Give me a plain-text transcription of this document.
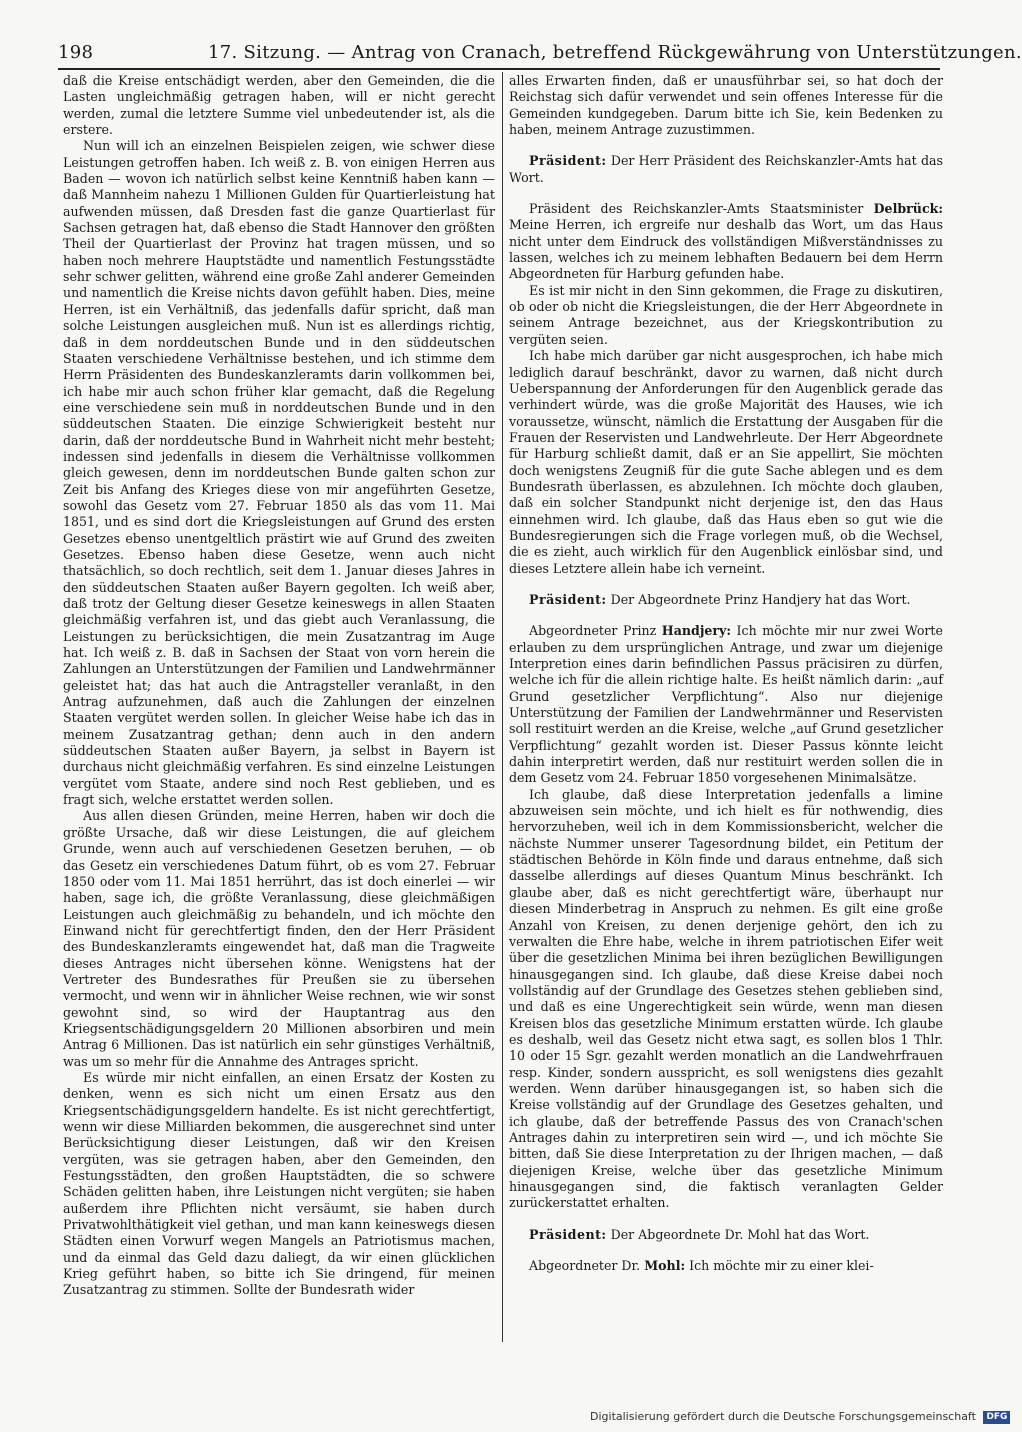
198	17. Sitzung. — Antrag von Cranach, betreffend Rückgewährung von Unterstützungen.

daß die Kreise entschädigt werden, aber den Gemeinden, die die Lasten ungleichmäßig getragen haben, will er nicht gerecht werden, zumal die letztere Summe viel unbedeutender ist, als die erstere.

Nun will ich an einzelnen Beispielen zeigen, wie schwer diese Leistungen getroffen haben. Ich weiß z. B. von einigen Herren aus Baden — wovon ich natürlich selbst keine Kenntniß haben kann — daß Mannheim nahezu 1 Millionen Gulden für Quartierleistung hat aufwenden müssen, daß Dresden fast die ganze Quartierlast für Sachsen getragen hat, daß ebenso die Stadt Hannover den größten Theil der Quartierlast der Provinz hat tragen müssen, und so haben noch mehrere Hauptstädte und namentlich Festungsstädte sehr schwer gelitten, während eine große Zahl anderer Gemeinden und namentlich die Kreise nichts davon gefühlt haben. Dies, meine Herren, ist ein Verhältniß, das jedenfalls dafür spricht, daß man solche Leistungen ausgleichen muß. Nun ist es allerdings richtig, daß in dem norddeutschen Bunde und in den süddeutschen Staaten verschiedene Verhältnisse bestehen, und ich stimme dem Herrn Präsidenten des Bundeskanzleramts darin vollkommen bei, ich habe mir auch schon früher klar gemacht, daß die Regelung eine verschiedene sein muß in norddeutschen Bunde und in den süddeutschen Staaten. Die einzige Schwierigkeit besteht nur darin, daß der norddeutsche Bund in Wahrheit nicht mehr besteht; indessen sind jedenfalls in diesem die Verhältnisse vollkommen gleich gewesen, denn im norddeutschen Bunde galten schon zur Zeit bis Anfang des Krieges diese von mir angeführten Gesetze, sowohl das Gesetz vom 27. Februar 1850 als das vom 11. Mai 1851, und es sind dort die Kriegsleistungen auf Grund des ersten Gesetzes ebenso unentgeltlich prästirt wie auf Grund des zweiten Gesetzes. Ebenso haben diese Gesetze, wenn auch nicht thatsächlich, so doch rechtlich, seit dem 1. Januar dieses Jahres in den süddeutschen Staaten außer Bayern gegolten. Ich weiß aber, daß trotz der Geltung dieser Gesetze keineswegs in allen Staaten gleichmäßig verfahren ist, und das giebt auch Veranlassung, die Leistungen zu berücksichtigen, die mein Zusatzantrag im Auge hat. Ich weiß z. B. daß in Sachsen der Staat von vorn herein die Zahlungen an Unterstützungen der Familien und Landwehrmänner geleistet hat; das hat auch die Antragsteller veranlaßt, in den Antrag aufzunehmen, daß auch die Zahlungen der einzelnen Staaten vergütet werden sollen. In gleicher Weise habe ich das in meinem Zusatzantrag gethan; denn auch in den andern süddeutschen Staaten außer Bayern, ja selbst in Bayern ist durchaus nicht gleichmäßig verfahren. Es sind einzelne Leistungen vergütet vom Staate, andere sind noch Rest geblieben, und es fragt sich, welche erstattet werden sollen.

Aus allen diesen Gründen, meine Herren, haben wir doch die größte Ursache, daß wir diese Leistungen, die auf gleichem Grunde, wenn auch auf verschiedenen Gesetzen beruhen, — ob das Gesetz ein verschiedenes Datum führt, ob es vom 27. Februar 1850 oder vom 11. Mai 1851 herrührt, das ist doch einerlei — wir haben, sage ich, die größte Veranlassung, diese gleichmäßigen Leistungen auch gleichmäßig zu behandeln, und ich möchte den Einwand nicht für gerechtfertigt finden, den der Herr Präsident des Bundeskanzleramts eingewendet hat, daß man die Tragweite dieses Antrages nicht übersehen könne. Wenigstens hat der Vertreter des Bundesrathes für Preußen sie zu übersehen vermocht, und wenn wir in ähnlicher Weise rechnen, wie wir sonst gewohnt sind, so wird der Hauptantrag aus den Kriegsentschädigungsgeldern 20 Millionen absorbiren und mein Antrag 6 Millionen. Das ist natürlich ein sehr günstiges Verhältniß, was um so mehr für die Annahme des Antrages spricht.

Es würde mir nicht einfallen, an einen Ersatz der Kosten zu denken, wenn es sich nicht um einen Ersatz aus den Kriegsentschädigungsgeldern handelte. Es ist nicht gerechtfertigt, wenn wir diese Milliarden bekommen, die ausgerechnet sind unter Berücksichtigung dieser Leistungen, daß wir den Kreisen vergüten, was sie getragen haben, aber den Gemeinden, den Festungsstädten, den großen Hauptstädten, die so schwere Schäden gelitten haben, ihre Leistungen nicht vergüten; sie haben außerdem ihre Pflichten nicht versäumt, sie haben durch Privatwohlthätigkeit viel gethan, und man kann keineswegs diesen Städten einen Vorwurf wegen Mangels an Patriotismus machen, und da einmal das Geld dazu daliegt, da wir einen glücklichen Krieg geführt haben, so bitte ich Sie dringend, für meinen Zusatzantrag zu stimmen. Sollte der Bundesrath wider

alles Erwarten finden, daß er unausführbar sei, so hat doch der Reichstag sich dafür verwendet und sein offenes Interesse für die Gemeinden kundgegeben. Darum bitte ich Sie, kein Bedenken zu haben, meinem Antrage zuzustimmen.

Präsident: Der Herr Präsident des Reichskanzler-Amts hat das Wort.

Präsident des Reichskanzler-Amts Staatsminister Delbrück: Meine Herren, ich ergreife nur deshalb das Wort, um das Haus nicht unter dem Eindruck des vollständigen Mißverständnisses zu lassen, welches ich zu meinem lebhaften Bedauern bei dem Herrn Abgeordneten für Harburg gefunden habe.

Es ist mir nicht in den Sinn gekommen, die Frage zu diskutiren, ob oder ob nicht die Kriegsleistungen, die der Herr Abgeordnete in seinem Antrage bezeichnet, aus der Kriegskontribution zu vergüten seien.

Ich habe mich darüber gar nicht ausgesprochen, ich habe mich lediglich darauf beschränkt, davor zu warnen, daß nicht durch Ueberspannung der Anforderungen für den Augenblick gerade das verhindert würde, was die große Majorität des Hauses, wie ich voraussetze, wünscht, nämlich die Erstattung der Ausgaben für die Frauen der Reservisten und Landwehrleute. Der Herr Abgeordnete für Harburg schließt damit, daß er an Sie appellirt, Sie möchten doch wenigstens Zeugniß für die gute Sache ablegen und es dem Bundesrath überlassen, es abzulehnen. Ich möchte doch glauben, daß ein solcher Standpunkt nicht derjenige ist, den das Haus einnehmen wird. Ich glaube, daß das Haus eben so gut wie die Bundesregierungen sich die Frage vorlegen muß, ob die Wechsel, die es zieht, auch wirklich für den Augenblick einlösbar sind, und dieses Letztere allein habe ich verneint.

Präsident: Der Abgeordnete Prinz Handjery hat das Wort.

Abgeordneter Prinz Handjery: Ich möchte mir nur zwei Worte erlauben zu dem ursprünglichen Antrage, und zwar um diejenige Interpretion eines darin befindlichen Passus präcisiren zu dürfen, welche ich für die allein richtige halte. Es heißt nämlich darin: „auf Grund gesetzlicher Verpflichtung“. Also nur diejenige Unterstützung der Familien der Landwehrmänner und Reservisten soll restituirt werden an die Kreise, welche „auf Grund gesetzlicher Verpflichtung“ gezahlt worden ist. Dieser Passus könnte leicht dahin interpretirt werden, daß nur restituirt werden sollen die in dem Gesetz vom 24. Februar 1850 vorgesehenen Minimalsätze.

Ich glaube, daß diese Interpretation jedenfalls a limine abzuweisen sein möchte, und ich hielt es für nothwendig, dies hervorzuheben, weil ich in dem Kommissionsbericht, welcher die nächste Nummer unserer Tagesordnung bildet, ein Petitum der städtischen Behörde in Köln finde und daraus entnehme, daß sich dasselbe allerdings auf dieses Quantum Minus beschränkt. Ich glaube aber, daß es nicht gerechtfertigt wäre, überhaupt nur diesen Minderbetrag in Anspruch zu nehmen. Es gilt eine große Anzahl von Kreisen, zu denen derjenige gehört, den ich zu verwalten die Ehre habe, welche in ihrem patriotischen Eifer weit über die gesetzlichen Minima bei ihren bezüglichen Bewilligungen hinausgegangen sind. Ich glaube, daß diese Kreise dabei noch vollständig auf der Grundlage des Gesetzes stehen geblieben sind, und daß es eine Ungerechtigkeit sein würde, wenn man diesen Kreisen blos das gesetzliche Minimum erstatten würde. Ich glaube es deshalb, weil das Gesetz nicht etwa sagt, es sollen blos 1 Thlr. 10 oder 15 Sgr. gezahlt werden monatlich an die Landwehrfrauen resp. Kinder, sondern ausspricht, es soll wenigstens dies gezahlt werden. Wenn darüber hinausgegangen ist, so haben sich die Kreise vollständig auf der Grundlage des Gesetzes gehalten, und ich glaube, daß der betreffende Passus des von Cranach'schen Antrages dahin zu interpretiren sein wird —, und ich möchte Sie bitten, daß Sie diese Interpretation zu der Ihrigen machen, — daß diejenigen Kreise, welche über das gesetzliche Minimum hinausgegangen sind, die faktisch veranlagten Gelder zurückerstattet erhalten.

Präsident: Der Abgeordnete Dr. Mohl hat das Wort.

Abgeordneter Dr. Mohl: Ich möchte mir zu einer klei-

Digitalisierung gefördert durch die Deutsche Forschungsgemeinschaft DFG
